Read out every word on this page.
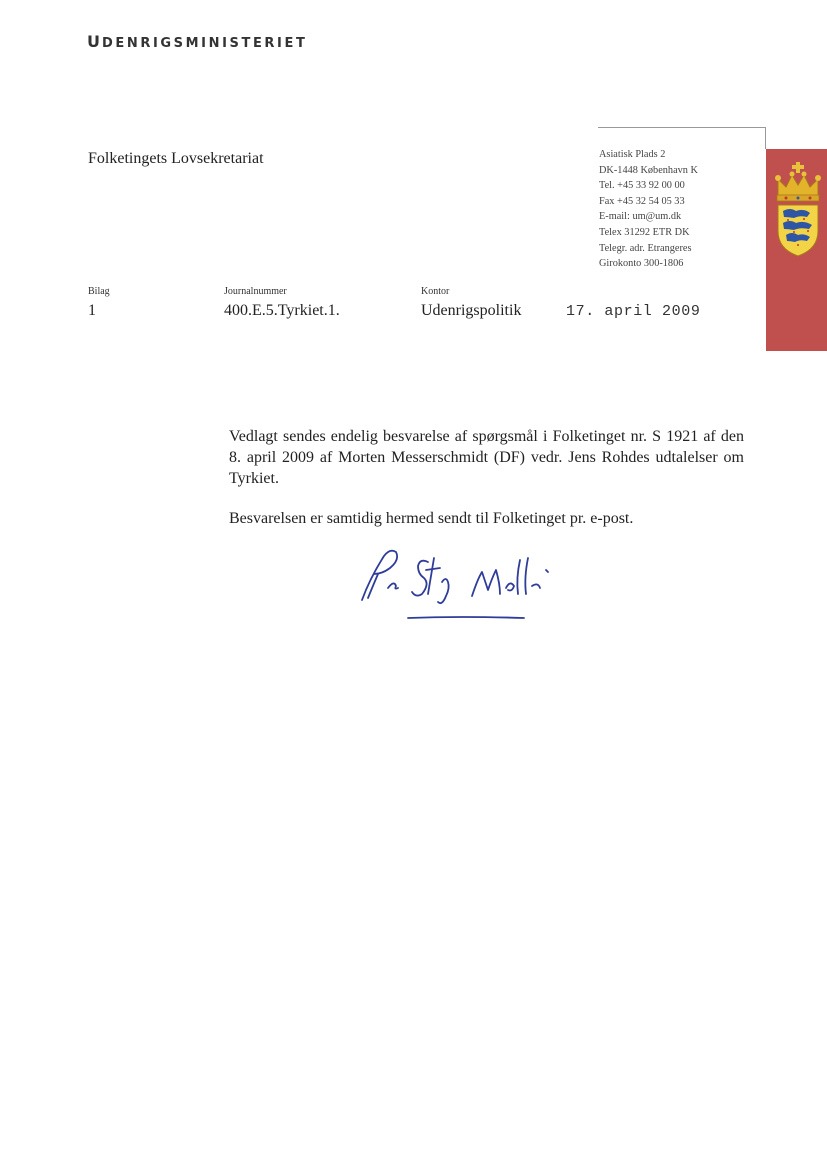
UDENRIGSMINISTERIET
Folketingets Lovsekretariat	Asiatisk Plads 2
DK-1448 København K
Tel. +45 33 92 00 00
Fax +45 32 54 05 33
E-mail: um@um.dk
Telex 31292 ETR DK
Telegr. adr. Etrangeres
Girokonto 300-1806
Bilag
1
Journalnummer
400.E.5.Tyrkiet.1.
Kontor
Udenrigspolitik	17. april 2009
Vedlagt sendes endelig besvarelse af spørgsmål i Folketinget nr. S 1921 af den 8. april 2009 af Morten Messerschmidt (DF) vedr. Jens Rohdes udtalelser om Tyrkiet.
Besvarelsen er samtidig hermed sendt til Folketinget pr. e-post.
